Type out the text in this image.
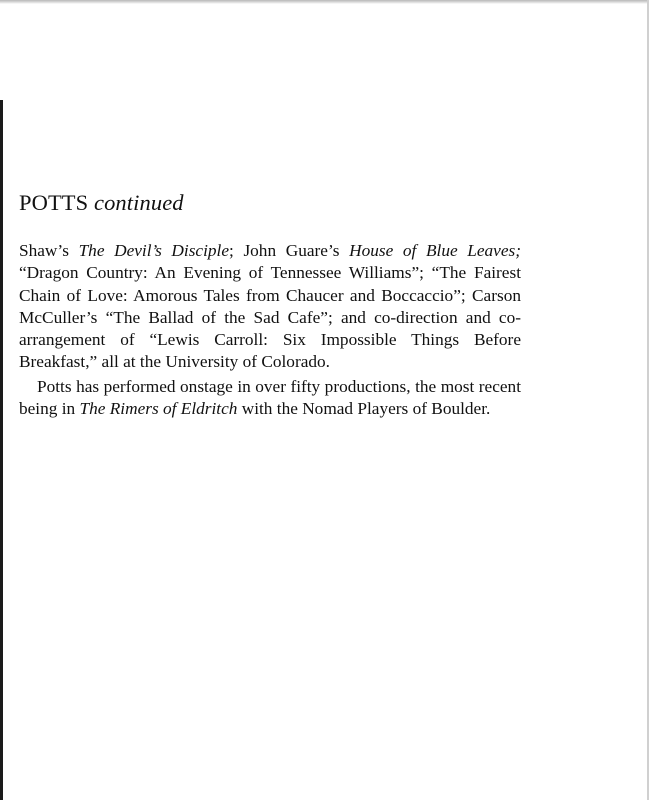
POTTS continued

Shaw’s The Devil’s Disciple; John Guare’s House of Blue Leaves; “Dragon Country: An Evening of Tennessee Williams”; “The Fairest Chain of Love: Amorous Tales from Chaucer and Boccaccio”; Carson McCuller’s “The Ballad of the Sad Cafe”; and co-direction and co-arrangement of “Lewis Carroll: Six Impossible Things Before Breakfast,” all at the University of Colorado.

Potts has performed onstage in over fifty productions, the most recent being in The Rimers of Eldritch with the Nomad Players of Boulder.
